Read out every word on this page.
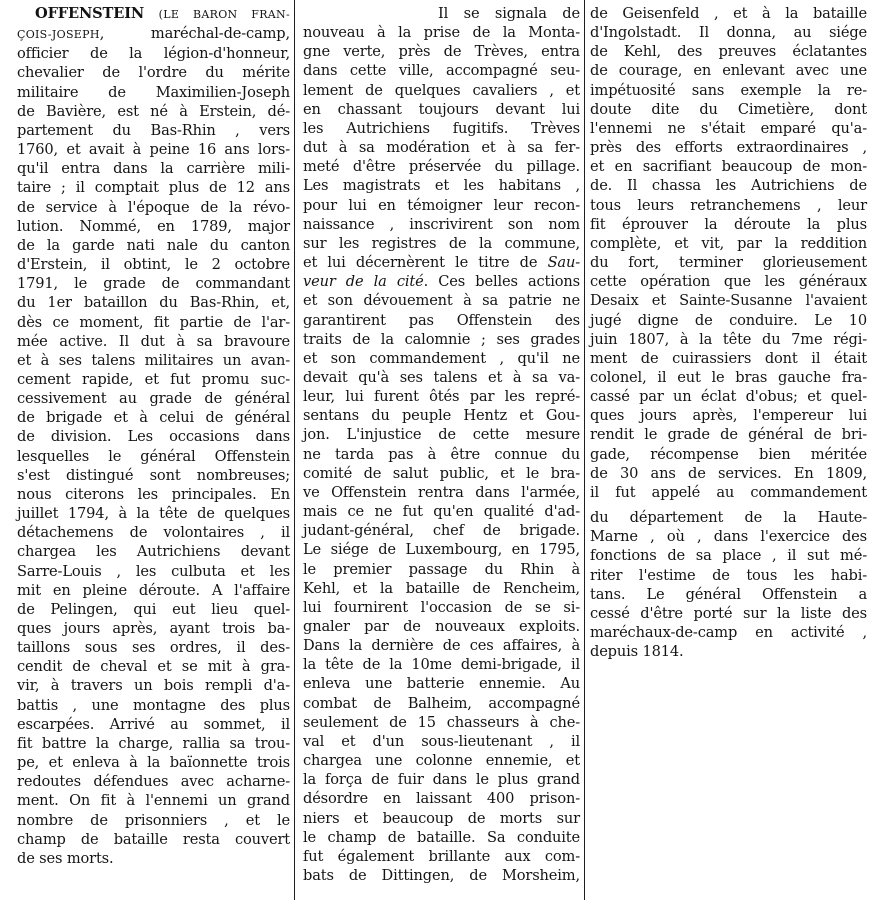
OFFENSTEIN (LE BARON FRAN-
ÇOIS-JOSEPH, maréchal-de-camp,
officier de la légion-d'honneur,
chevalier de l'ordre du mérite
militaire de Maximilien-Joseph
de Bavière, est né à Erstein, dé-
partement du Bas-Rhin , vers
1760, et avait à peine 16 ans lors-
qu'il entra dans la carrière mili-
taire ; il comptait plus de 12 ans
de service à l'époque de la révo-
lution. Nommé, en 1789, major
de la garde nati nale du canton
d'Erstein, il obtint, le 2 octobre
1791, le grade de commandant
du 1er bataillon du Bas-Rhin, et,
dès ce moment, fit partie de l'ar-
mée active. Il dut à sa bravoure
et à ses talens militaires un avan-
cement rapide, et fut promu suc-
cessivement au grade de général
de brigade et à celui de général
de division. Les occasions dans
lesquelles le général Offenstein
s'est distingué sont nombreuses;
nous citerons les principales. En
juillet 1794, à la tête de quelques
détachemens de volontaires , il
chargea les Autrichiens devant
Sarre-Louis , les culbuta et les
mit en pleine déroute. A l'affaire
de Pelingen, qui eut lieu quel-
ques jours après, ayant trois ba-
taillons sous ses ordres, il des-
cendit de cheval et se mit à gra-
vir, à travers un bois rempli d'a-
battis , une montagne des plus
escarpées. Arrivé au sommet, il
fit battre la charge, rallia sa trou-
pe, et enleva à la baïonnette trois
redoutes défendues avec acharne-
ment. On fit à l'ennemi un grand
nombre de prisonniers , et le
champ de bataille resta couvert
de ses morts.
Il se signala de
nouveau à la prise de la Monta-
gne verte, près de Trèves, entra
dans cette ville, accompagné seu-
lement de quelques cavaliers , et
en chassant toujours devant lui
les Autrichiens fugitifs. Trèves
dut à sa modération et à sa fer-
meté d'être préservée du pillage.
Les magistrats et les habitans ,
pour lui en témoigner leur recon-
naissance , inscrivirent son nom
sur les registres de la commune,
et lui décernèrent le titre de Sau-
veur de la cité. Ces belles actions
et son dévouement à sa patrie ne
garantirent pas Offenstein des
traits de la calomnie ; ses grades
et son commandement , qu'il ne
devait qu'à ses talens et à sa va-
leur, lui furent ôtés par les repré-
sentans du peuple Hentz et Gou-
jon. L'injustice de cette mesure
ne tarda pas à être connue du
comité de salut public, et le bra-
ve Offenstein rentra dans l'armée,
mais ce ne fut qu'en qualité d'ad-
judant-général, chef de brigade.
Le siége de Luxembourg, en 1795,
le premier passage du Rhin à
Kehl, et la bataille de Rencheim,
lui fournirent l'occasion de se si-
gnaler par de nouveaux exploits.
Dans la dernière de ces affaires, à
la tête de la 10me demi-brigade, il
enleva une batterie ennemie. Au
combat de Balheim, accompagné
seulement de 15 chasseurs à che-
val et d'un sous-lieutenant , il
chargea une colonne ennemie, et
la força de fuir dans le plus grand
désordre en laissant 400 prison-
niers et beaucoup de morts sur
le champ de bataille. Sa conduite
fut également brillante aux com-
bats de Dittingen, de Morsheim,
de Geisenfeld , et à la bataille
d'Ingolstadt. Il donna, au siége
de Kehl, des preuves éclatantes
de courage, en enlevant avec une
impétuosité sans exemple la re-
doute dite du Cimetière, dont
l'ennemi ne s'était emparé qu'a-
près des efforts extraordinaires ,
et en sacrifiant beaucoup de mon-
de. Il chassa les Autrichiens de
tous leurs retranchemens , leur
fit éprouver la déroute la plus
complète, et vit, par la reddition
du fort, terminer glorieusement
cette opération que les généraux
Desaix et Sainte-Susanne l'avaient
jugé digne de conduire. Le 10
juin 1807, à la tête du 7me régi-
ment de cuirassiers dont il était
colonel, il eut le bras gauche fra-
cassé par un éclat d'obus; et quel-
ques jours après, l'empereur lui
rendit le grade de général de bri-
gade, récompense bien méritée
de 30 ans de services. En 1809,
il fut appelé au commandement
du département de la Haute-
Marne , où , dans l'exercice des
fonctions de sa place , il sut mé-
riter l'estime de tous les habi-
tans. Le général Offenstein a
cessé d'être porté sur la liste des
maréchaux-de-camp en activité ,
depuis 1814.
